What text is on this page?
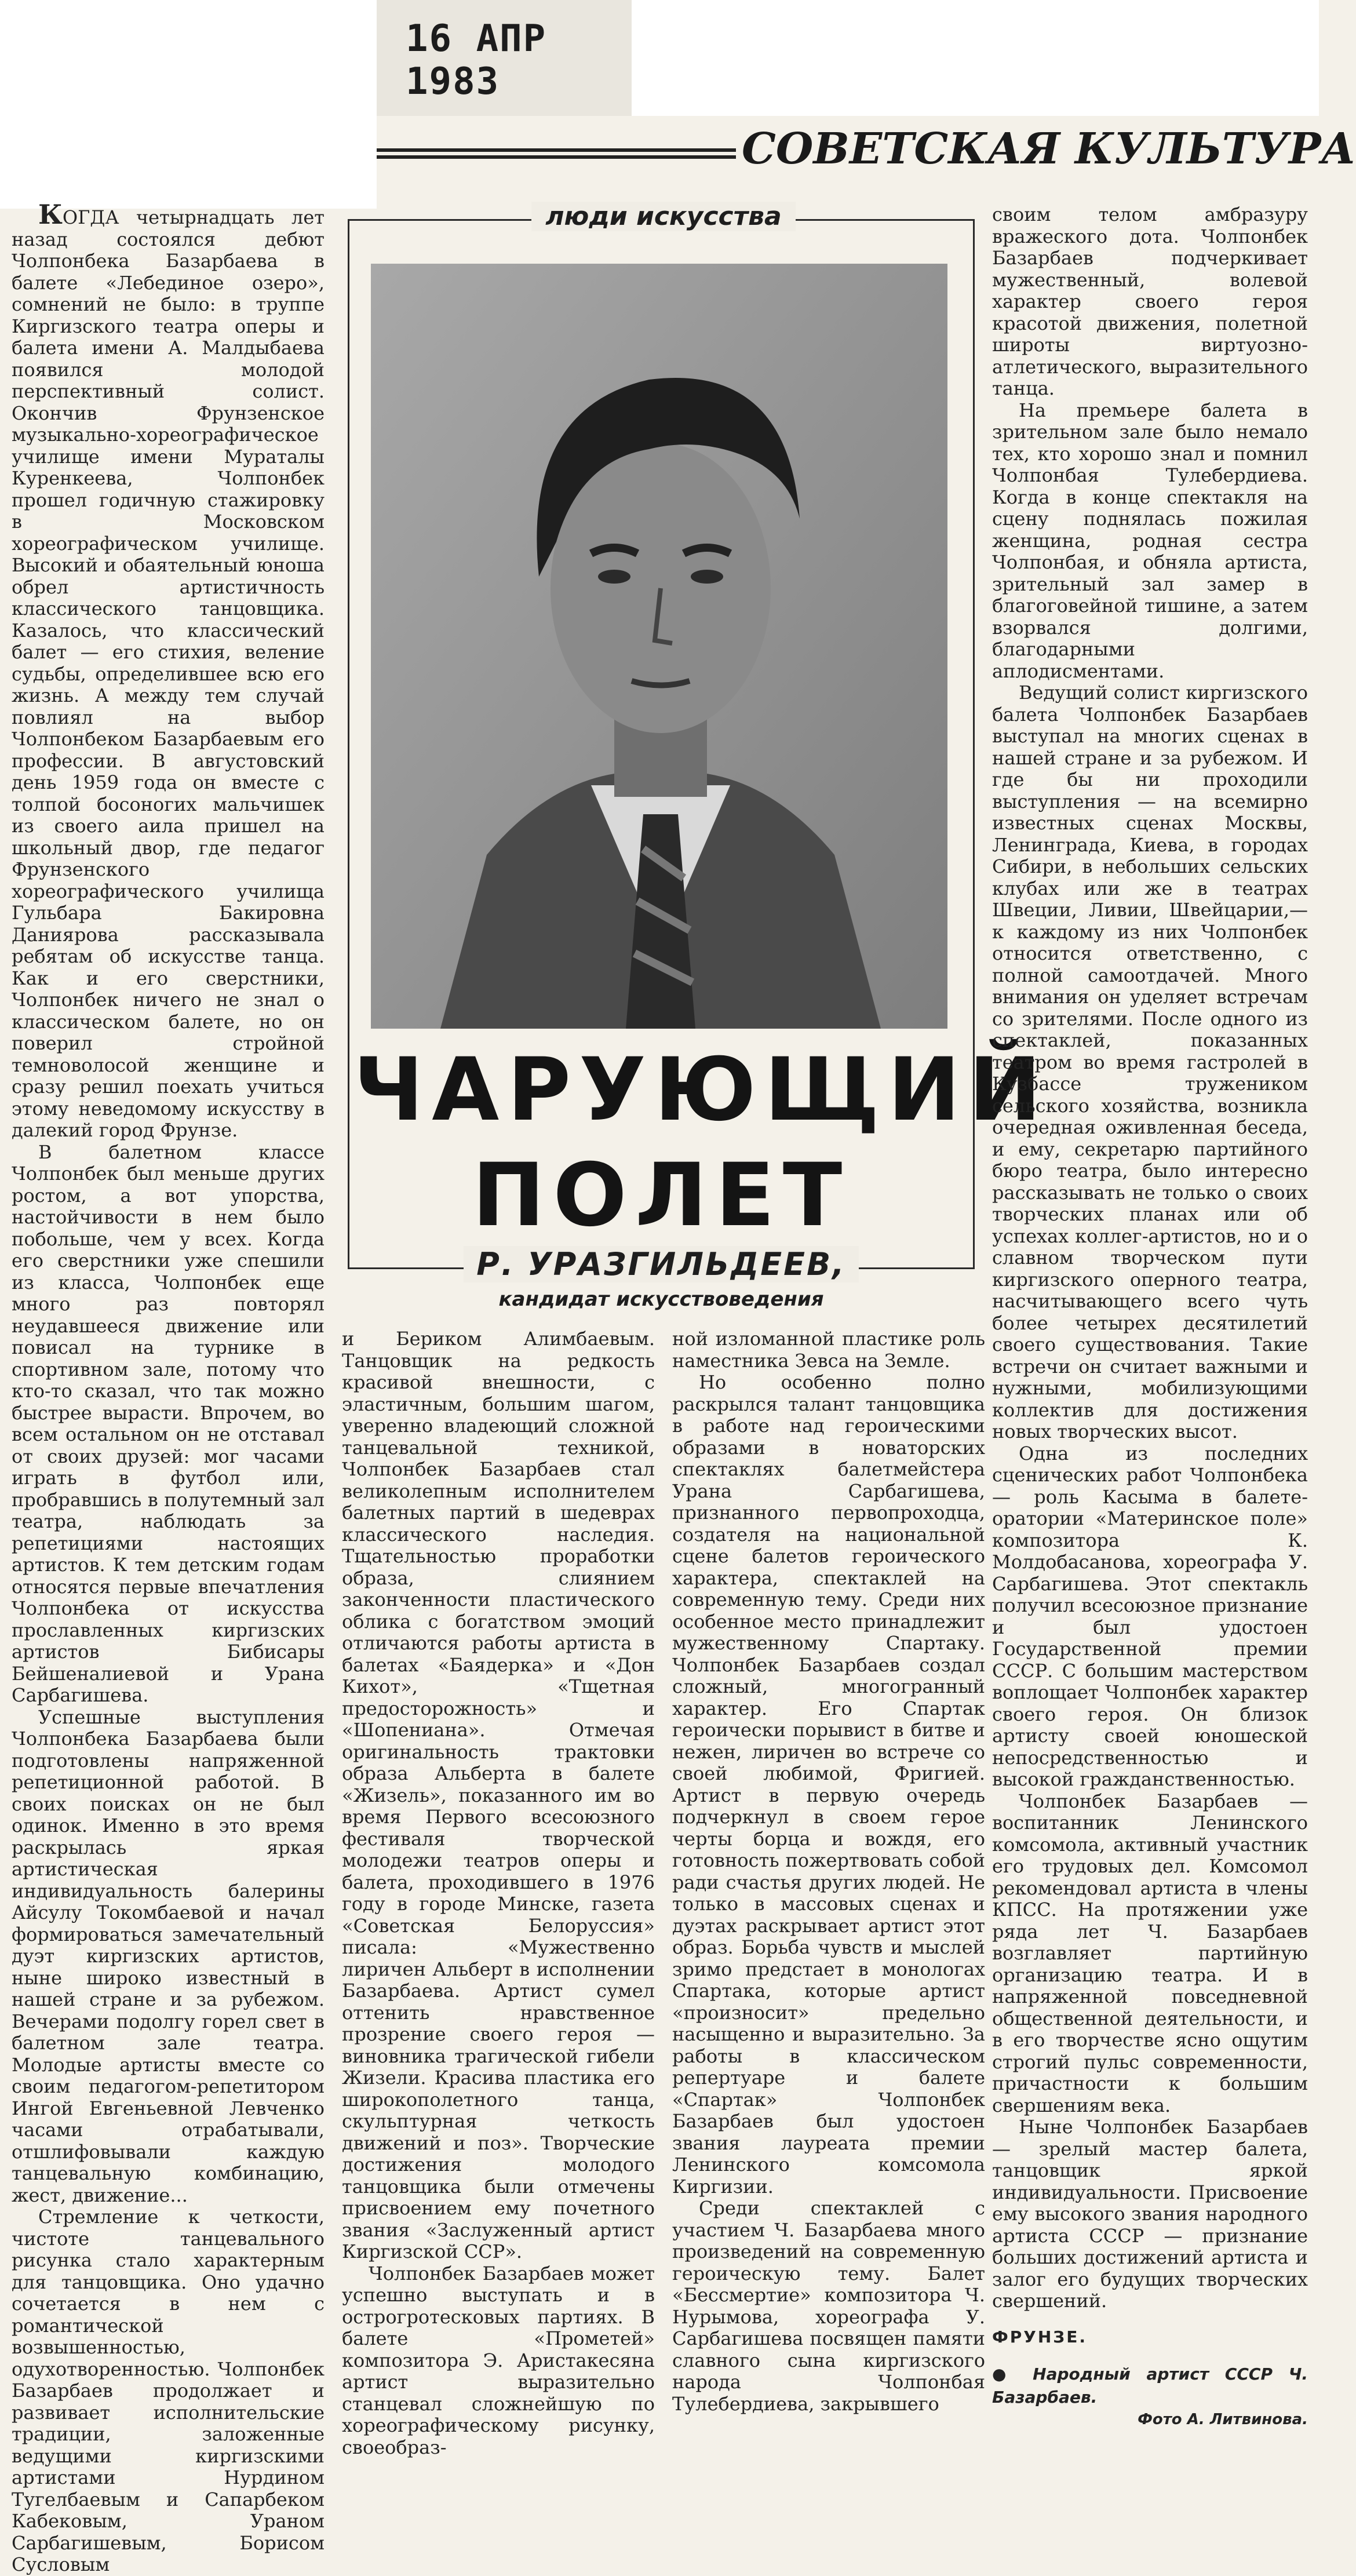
16 АПР 1983
СОВЕТСКАЯ КУЛЬТУРА

КОГДА четырнадцать лет назад состоялся дебют Чолпонбека Базарбаева в балете «Лебединое озеро», сомнений не было: в труппе Киргизского театра оперы и балета имени А. Малдыбаева появился молодой перспективный солист. Окончив Фрунзенское музыкально-хореографическое училище имени Мураталы Куренкеева, Чолпонбек прошел годичную стажировку в Московском хореографическом училище. Высокий и обаятельный юноша обрел артистичность классического танцовщика. Казалось, что классический балет — его стихия, веление судьбы, определившее всю его жизнь. А между тем случай повлиял на выбор Чолпонбеком Базарбаевым его профессии. В августовский день 1959 года он вместе с толпой босоногих мальчишек из своего аила пришел на школьный двор, где педагог Фрунзенского хореографического училища Гульбара Бакировна Даниярова рассказывала ребятам об искусстве танца. Как и его сверстники, Чолпонбек ничего не знал о классическом балете, но он поверил стройной темноволосой женщине и сразу решил поехать учиться этому неведомому искусству в далекий город Фрунзе.

В балетном классе Чолпонбек был меньше других ростом, а вот упорства, настойчивости в нем было побольше, чем у всех. Когда его сверстники уже спешили из класса, Чолпонбек еще много раз повторял неудавшееся движение или повисал на турнике в спортивном зале, потому что кто-то сказал, что так можно быстрее вырасти. Впрочем, во всем остальном он не отставал от своих друзей: мог часами играть в футбол или, пробравшись в полутемный зал театра, наблюдать за репетициями настоящих артистов. К тем детским годам относятся первые впечатления Чолпонбека от искусства прославленных киргизских артистов Бибисары Бейшеналиевой и Урана Сарбагишева.

Успешные выступления Чолпонбека Базарбаева были подготовлены напряженной репетиционной работой. В своих поисках он не был одинок. Именно в это время раскрылась яркая артистическая индивидуальность балерины Айсулу Токомбаевой и начал формироваться замечательный дуэт киргизских артистов, ныне широко известный в нашей стране и за рубежом. Вечерами подолгу горел свет в балетном зале театра. Молодые артисты вместе со своим педагогом-репетитором Ингой Евгеньевной Левченко часами отрабатывали, отшлифовывали каждую танцевальную комбинацию, жест, движение...

Стремление к четкости, чистоте танцевального рисунка стало характерным для танцовщика. Оно удачно сочетается в нем с романтической возвышенностью, одухотворенностью. Чолпонбек Базарбаев продолжает и развивает исполнительские традиции, заложенные ведущими киргизскими артистами Нурдином Тугелбаевым и Сапарбеком Кабековым, Ураном Сарбагишевым, Борисом Сусловым

люди искусства
ЧАРУЮЩИЙ
ПОЛЕТ
Р. УРАЗГИЛЬДЕЕВ,
кандидат искусствоведения

и Бериком Алимбаевым. Танцовщик на редкость красивой внешности, с эластичным, большим шагом, уверенно владеющий сложной танцевальной техникой, Чолпонбек Базарбаев стал великолепным исполнителем балетных партий в шедеврах классического наследия. Тщательностью проработки образа, слиянием законченности пластического облика с богатством эмоций отличаются работы артиста в балетах «Баядерка» и «Дон Кихот», «Тщетная предосторожность» и «Шопениана». Отмечая оригинальность трактовки образа Альберта в балете «Жизель», показанного им во время Первого всесоюзного фестиваля творческой молодежи театров оперы и балета, проходившего в 1976 году в городе Минске, газета «Советская Белоруссия» писала: «Мужественно лиричен Альберт в исполнении Базарбаева. Артист сумел оттенить нравственное прозрение своего героя — виновника трагической гибели Жизели. Красива пластика его широкополетного танца, скульптурная четкость движений и поз». Творческие достижения молодого танцовщика были отмечены присвоением ему почетного звания «Заслуженный артист Киргизской ССР».

Чолпонбек Базарбаев может успешно выступать и в острогротесковых партиях. В балете «Прометей» композитора Э. Аристакесяна артист выразительно станцевал сложнейшую по хореографическому рисунку, своеобраз-

ной изломанной пластике роль наместника Зевса на Земле.

Но особенно полно раскрылся талант танцовщика в работе над героическими образами в новаторских спектаклях балетмейстера Урана Сарбагишева, признанного первопроходца, создателя на национальной сцене балетов героического характера, спектаклей на современную тему. Среди них особенное место принадлежит мужественному Спартаку. Чолпонбек Базарбаев создал сложный, многогранный характер. Его Спартак героически порывист в битве и нежен, лиричен во встрече со своей любимой, Фригией. Артист в первую очередь подчеркнул в своем герое черты борца и вождя, его готовность пожертвовать собой ради счастья других людей. Не только в массовых сценах и дуэтах раскрывает артист этот образ. Борьба чувств и мыслей зримо предстает в монологах Спартака, которые артист «произносит» предельно насыщенно и выразительно. За работы в классическом репертуаре и балете «Спартак» Чолпонбек Базарбаев был удостоен звания лауреата премии Ленинского комсомола Киргизии.

Среди спектаклей с участием Ч. Базарбаева много произведений на современную героическую тему. Балет «Бессмертие» композитора Ч. Нурымова, хореографа У. Сарбагишева посвящен памяти славного сына киргизского народа Чолпонбая Тулебердиева, закрывшего

своим телом амбразуру вражеского дота. Чолпонбек Базарбаев подчеркивает мужественный, волевой характер своего героя красотой движения, полетной широты виртуозно-атлетического, выразительного танца.

На премьере балета в зрительном зале было немало тех, кто хорошо знал и помнил Чолпонбая Тулебердиева. Когда в конце спектакля на сцену поднялась пожилая женщина, родная сестра Чолпонбая, и обняла артиста, зрительный зал замер в благоговейной тишине, а затем взорвался долгими, благодарными аплодисментами.

Ведущий солист киргизского балета Чолпонбек Базарбаев выступал на многих сценах в нашей стране и за рубежом. И где бы ни проходили выступления — на всемирно известных сценах Москвы, Ленинграда, Киева, в городах Сибири, в небольших сельских клубах или же в театрах Швеции, Ливии, Швейцарии,— к каждому из них Чолпонбек относится ответственно, с полной самоотдачей. Много внимания он уделяет встречам со зрителями. После одного из спектаклей, показанных театром во время гастролей в Кузбассе тружеником сельского хозяйства, возникла очередная оживленная беседа, и ему, секретарю партийного бюро театра, было интересно рассказывать не только о своих творческих планах или об успехах коллег-артистов, но и о славном творческом пути киргизского оперного театра, насчитывающего всего чуть более четырех десятилетий своего существования. Такие встречи он считает важными и нужными, мобилизующими коллектив для достижения новых творческих высот.

Одна из последних сценических работ Чолпонбека — роль Касыма в балете-оратории «Материнское поле» композитора К. Молдобасанова, хореографа У. Сарбагишева. Этот спектакль получил всесоюзное признание и был удостоен Государственной премии СССР. С большим мастерством воплощает Чолпонбек характер своего героя. Он близок артисту своей юношеской непосредственностью и высокой гражданственностью.

Чолпонбек Базарбаев — воспитанник Ленинского комсомола, активный участник его трудовых дел. Комсомол рекомендовал артиста в члены КПСС. На протяжении уже ряда лет Ч. Базарбаев возглавляет партийную организацию театра. И в напряженной повседневной общественной деятельности, и в его творчестве ясно ощутим строгий пульс современности, причастности к большим свершениям века.

Ныне Чолпонбек Базарбаев — зрелый мастер балета, танцовщик яркой индивидуальности. Присвоение ему высокого звания народного артиста СССР — признание больших достижений артиста и залог его будущих творческих свершений.

ФРУНЗЕ.

● Народный артист СССР Ч. Базарбаев.

Фото А. Литвинова.
